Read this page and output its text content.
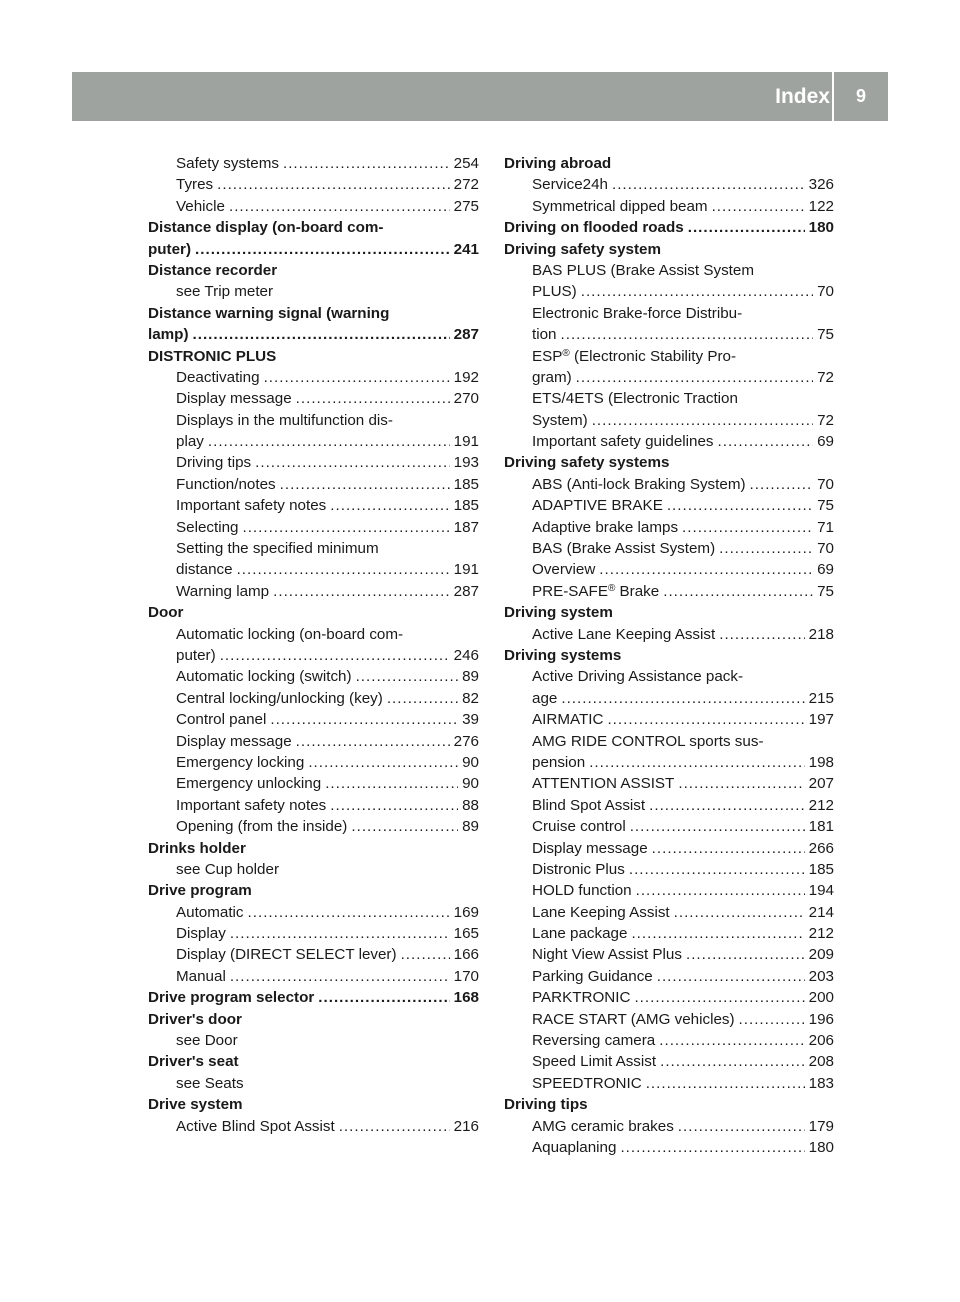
Index	9
Safety systems .....	254
Tyres .....	272
Vehicle .....	275
Distance display (on-board com-
puter) .....	241
Distance recorder
see Trip meter
Distance warning signal (warning
lamp) .....	287
DISTRONIC PLUS
Deactivating .....	192
Display message .....	270
Displays in the multifunction dis-
play .....	191
Driving tips .....	193
Function/notes .....	185
Important safety notes .....	185
Selecting .....	187
Setting the specified minimum
distance .....	191
Warning lamp .....	287
Door
Automatic locking (on-board com-
puter) .....	246
Automatic locking (switch) .....	89
Central locking/unlocking (key) .....	82
Control panel .....	39
Display message .....	276
Emergency locking .....	90
Emergency unlocking .....	90
Important safety notes .....	88
Opening (from the inside) .....	89
Drinks holder
see Cup holder
Drive program
Automatic .....	169
Display .....	165
Display (DIRECT SELECT lever) .....	166
Manual .....	170
Drive program selector .....	168
Driver's door
see Door
Driver's seat
see Seats
Drive system
Active Blind Spot Assist .....	216
Driving abroad
Service24h .....	326
Symmetrical dipped beam .....	122
Driving on flooded roads .....	180
Driving safety system
BAS PLUS (Brake Assist System
PLUS) .....	70
Electronic Brake-force Distribu-
tion .....	75
ESP® (Electronic Stability Pro-
gram) .....	72
ETS/4ETS (Electronic Traction
System) .....	72
Important safety guidelines .....	69
Driving safety systems
ABS (Anti-lock Braking System) .....	70
ADAPTIVE BRAKE .....	75
Adaptive brake lamps .....	71
BAS (Brake Assist System) .....	70
Overview .....	69
PRE-SAFE® Brake .....	75
Driving system
Active Lane Keeping Assist .....	218
Driving systems
Active Driving Assistance pack-
age .....	215
AIRMATIC .....	197
AMG RIDE CONTROL sports sus-
pension .....	198
ATTENTION ASSIST .....	207
Blind Spot Assist .....	212
Cruise control .....	181
Display message .....	266
Distronic Plus .....	185
HOLD function .....	194
Lane Keeping Assist .....	214
Lane package .....	212
Night View Assist Plus .....	209
Parking Guidance .....	203
PARKTRONIC .....	200
RACE START (AMG vehicles) .....	196
Reversing camera .....	206
Speed Limit Assist .....	208
SPEEDTRONIC .....	183
Driving tips
AMG ceramic brakes .....	179
Aquaplaning .....	180
